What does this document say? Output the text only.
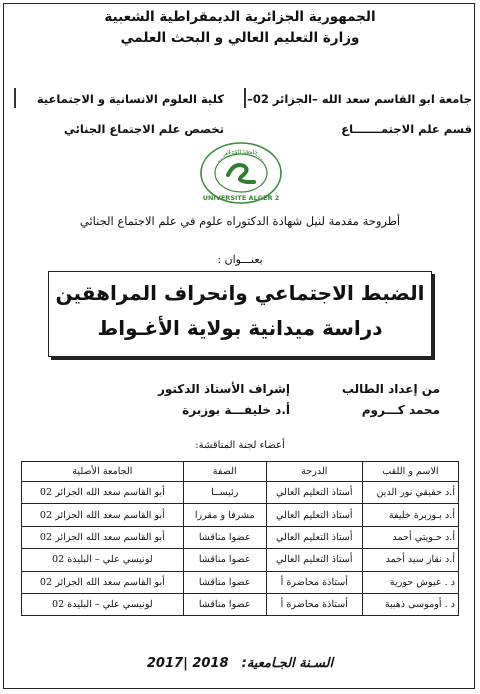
الجمهورية الجزائرية الديمقراطية الشعبية
وزارة التعليم العالي و البحث العلمي
جامعة ابو القاسم سعد الله –الجزائر 02–
كلية العلوم الانسانية و الاجتماعية
قسم علم الاجتمـــــــاع
تخصص علم الاجتماع الجنائي
UNIVERSITE ALGER 2
جامعة الجزائر
أطروحة مقدمة لنيل شهادة الدكتوراه علوم في علم الاجتماع الجنائي
بعنـــوان :
الضبط الاجتماعي وانحراف المراهقين
دراسة ميدانية بولاية الأغـواط
من إعداد الطالب
إشراف الأستاذ الدكتور
محمد كـــروم
أ.د خليفـــة بوزبرة
أعضاء لجنة المناقشة:
الاسم و اللقب	الدرجة	الصفة	الجامعة الأصلية
أ.د حقيقي نور الدين	أستاذ التعليم العالي	رئيســا	أبو القاسم سعد الله الجزائر 02
أ.د بـوزبرة خليفة	أستاذ التعليم العالي	مشرفا و مقررا	أبو القاسم سعد الله الجزائر 02
أ.د حـويتي أحمد	أستاذ التعليم العالي	عضوا مناقشا	أبو القاسم سعد الله الجزائر 02
أ.د نقاز سيد أحمد	أستاذ التعليم العالي	عضوا مناقشا	لونيسي علي – البليدة 02
د . عيوش حورية	أستاذة محاضرة أ	عضوا مناقشا	أبو القاسم سعد الله الجزائر 02
د . أوموسى ذهبية	أستاذة محاضرة أ	عضوا مناقشا	لونيسي علي – البليدة 02
السـنة الجـامعية: 2017| 2018
